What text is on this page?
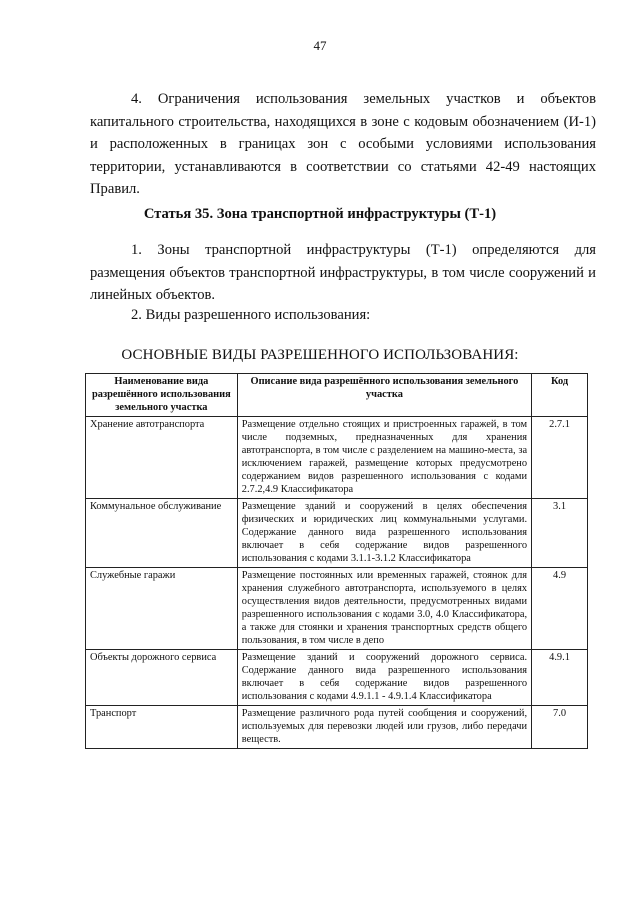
47

4. Ограничения использования земельных участков и объектов капитального строительства, находящихся в зоне с кодовым обозначением (И-1) и расположенных в границах зон с особыми условиями использования территории, устанавливаются в соответствии со статьями 42-49 настоящих Правил.

Статья 35. Зона транспортной инфраструктуры (Т-1)

1. Зоны транспортной инфраструктуры (Т-1) определяются для размещения объектов транспортной инфраструктуры, в том числе сооружений и линейных объектов.

2. Виды разрешенного использования:

ОСНОВНЫЕ ВИДЫ РАЗРЕШЕННОГО ИСПОЛЬЗОВАНИЯ:

Наименование вида разрешённого использования земельного участка	Описание вида разрешённого использования земельного участка	Код
Хранение автотранспорта	Размещение отдельно стоящих и пристроенных гаражей, в том числе подземных, предназначенных для хранения автотранспорта, в том числе с разделением на машино-места, за исключением гаражей, размещение которых предусмотрено содержанием видов разрешенного использования с кодами 2.7.2,4.9 Классификатора	2.7.1
Коммунальное обслуживание	Размещение зданий и сооружений в целях обеспечения физических и юридических лиц коммунальными услугами. Содержание данного вида разрешенного использования включает в себя содержание видов разрешенного использования с кодами 3.1.1-3.1.2 Классификатора	3.1
Служебные гаражи	Размещение постоянных или временных гаражей, стоянок для хранения служебного автотранспорта, используемого в целях осуществления видов деятельности, предусмотренных видами разрешенного использования с кодами 3.0, 4.0 Классификатора, а также для стоянки и хранения транспортных средств общего пользования, в том числе в депо	4.9
Объекты дорожного сервиса	Размещение зданий и сооружений дорожного сервиса. Содержание данного вида разрешенного использования включает в себя содержание видов разрешенного использования с кодами 4.9.1.1 - 4.9.1.4 Классификатора	4.9.1
Транспорт	Размещение различного рода путей сообщения и сооружений, используемых для перевозки людей или грузов, либо передачи веществ.	7.0
